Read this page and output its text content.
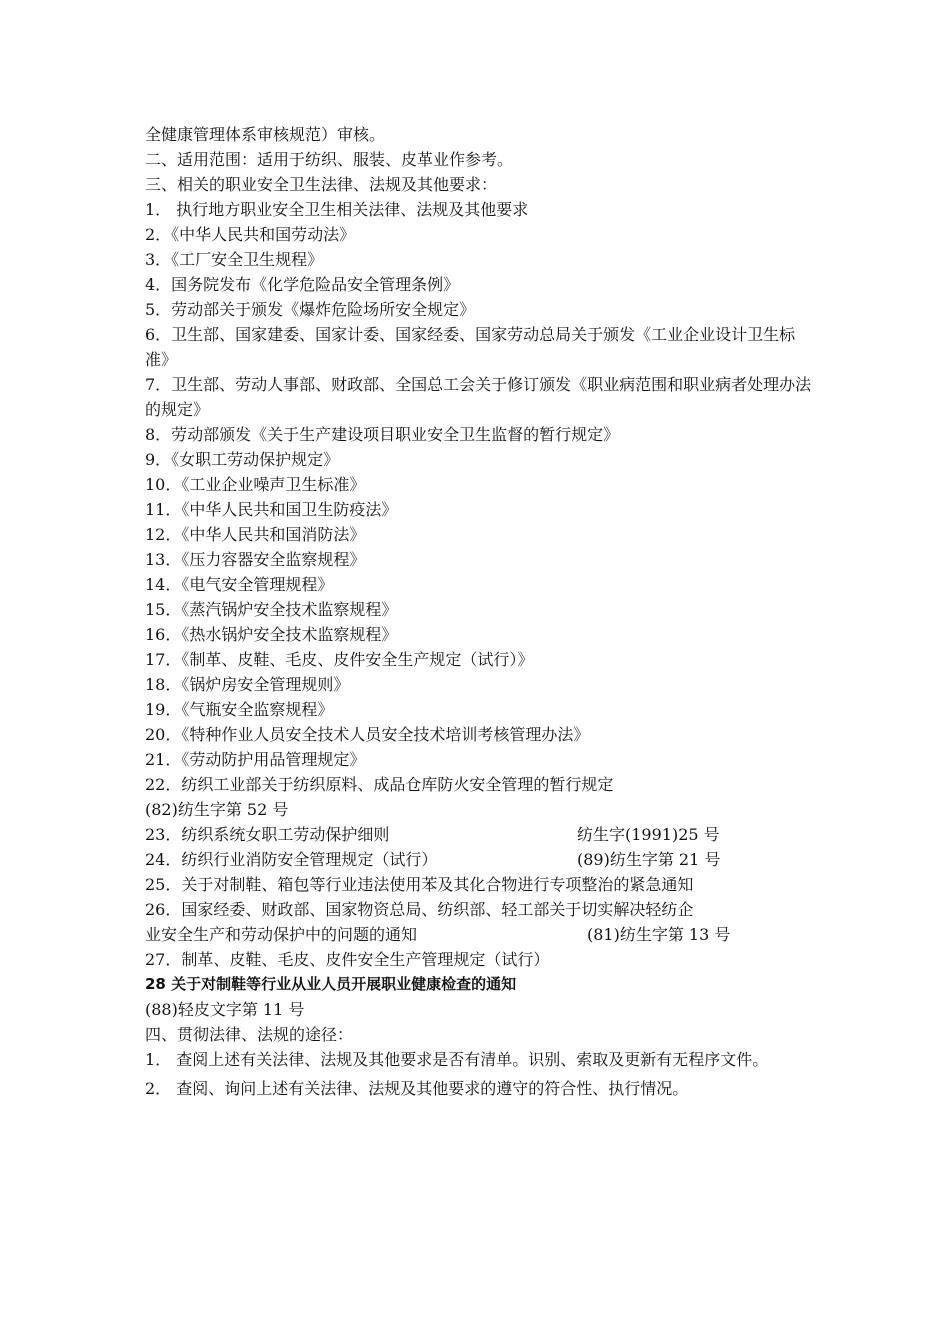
全健康管理体系审核规范）审核。
二、适用范围：适用于纺织、服装、皮革业作参考。
三、相关的职业安全卫生法律、法规及其他要求：
1． 执行地方职业安全卫生相关法律、法规及其他要求
2．《中华人民共和国劳动法》
3．《工厂安全卫生规程》
4．国务院发布《化学危险品安全管理条例》
5．劳动部关于颁发《爆炸危险场所安全规定》
6．卫生部、国家建委、国家计委、国家经委、国家劳动总局关于颁发《工业企业设计卫生标准》
7．卫生部、劳动人事部、财政部、全国总工会关于修订颁发《职业病范围和职业病者处理办法的规定》
8．劳动部颁发《关于生产建设项目职业安全卫生监督的暂行规定》
9．《女职工劳动保护规定》
10．《工业企业噪声卫生标准》
11．《中华人民共和国卫生防疫法》
12．《中华人民共和国消防法》
13．《压力容器安全监察规程》
14．《电气安全管理规程》
15．《蒸汽锅炉安全技术监察规程》
16．《热水锅炉安全技术监察规程》
17．《制革、皮鞋、毛皮、皮件安全生产规定（试行）》
18．《锅炉房安全管理规则》
19．《气瓶安全监察规程》
20．《特种作业人员安全技术人员安全技术培训考核管理办法》
21．《劳动防护用品管理规定》
22．纺织工业部关于纺织原料、成品仓库防火安全管理的暂行规定
(82)纺生字第 52 号
23．纺织系统女职工劳动保护细则	纺生字(1991)25 号
24．纺织行业消防安全管理规定（试行）	(89)纺生字第 21 号
25．关于对制鞋、箱包等行业违法使用苯及其化合物进行专项整治的紧急通知
26．国家经委、财政部、国家物资总局、纺织部、轻工部关于切实解决轻纺企
业安全生产和劳动保护中的问题的通知	(81)纺生字第 13 号
27．制革、皮鞋、毛皮、皮件安全生产管理规定（试行）
28 关于对制鞋等行业从业人员开展职业健康检查的通知
(88)轻皮文字第 11 号
四、贯彻法律、法规的途径：
1． 查阅上述有关法律、法规及其他要求是否有清单。识别、索取及更新有无程序文件。
2． 查阅、询问上述有关法律、法规及其他要求的遵守的符合性、执行情况。
